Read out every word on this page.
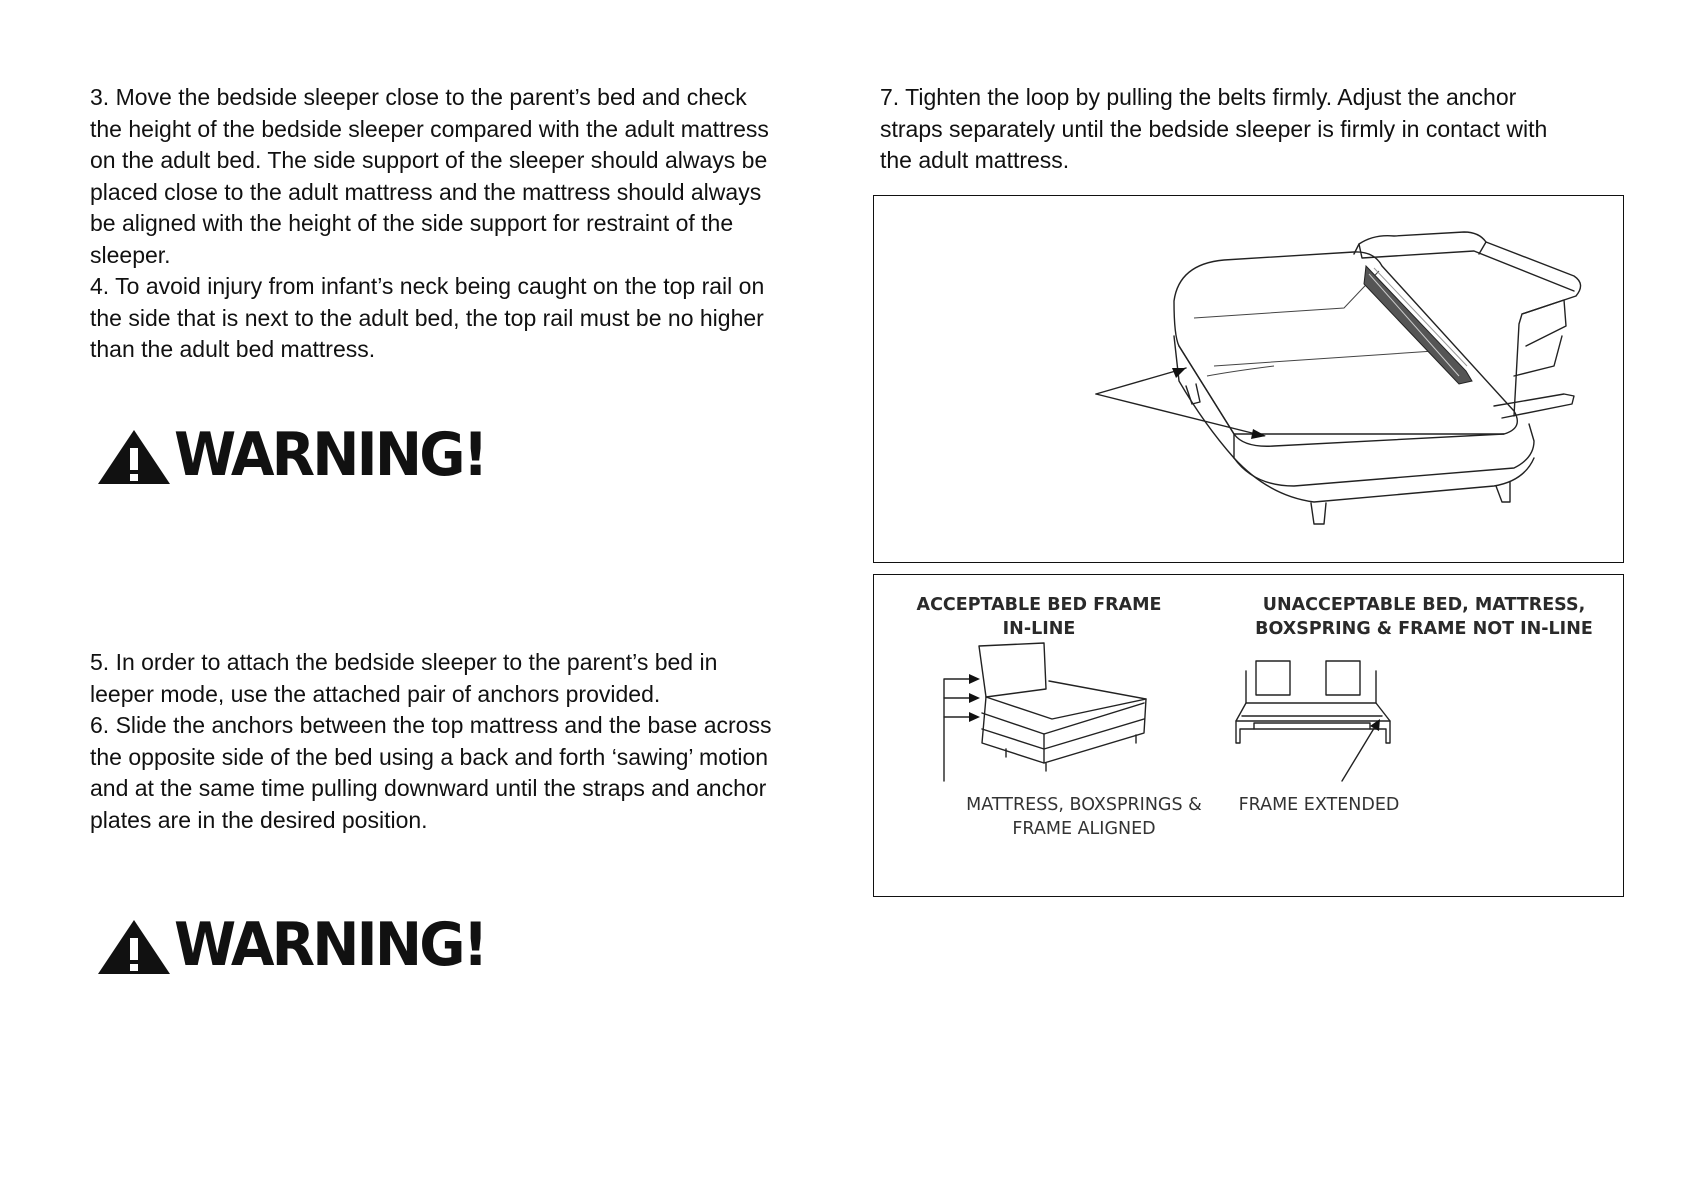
3. Move the bedside sleeper close to the parent’s bed and check
the height of the bedside sleeper compared with the adult mattress
on the adult bed. The side support of the sleeper should always be
placed close to the adult mattress and the mattress should always
be aligned with the height of the side support for restraint of the
sleeper.
4. To avoid injury from infant’s neck being caught on the top rail on
the side that is next to the adult bed, the top rail must be no higher
than the adult bed mattress.

WARNING!

5. In order to attach the bedside sleeper to the parent’s bed in
leeper mode, use the attached pair of anchors provided.
6. Slide the anchors between the top mattress and the base across
the opposite side of the bed using a back and forth ‘sawing’ motion
and at the same time pulling downward until the straps and anchor
plates are in the desired position.

WARNING!

7. Tighten the loop by pulling the belts firmly. Adjust the anchor
straps separately until the bedside sleeper is firmly in contact with
the adult mattress.

ACCEPTABLE BED FRAME
IN-LINE
UNACCEPTABLE BED, MATTRESS,
BOXSPRING & FRAME NOT IN-LINE
MATTRESS, BOXSPRINGS &
FRAME ALIGNED
FRAME EXTENDED
